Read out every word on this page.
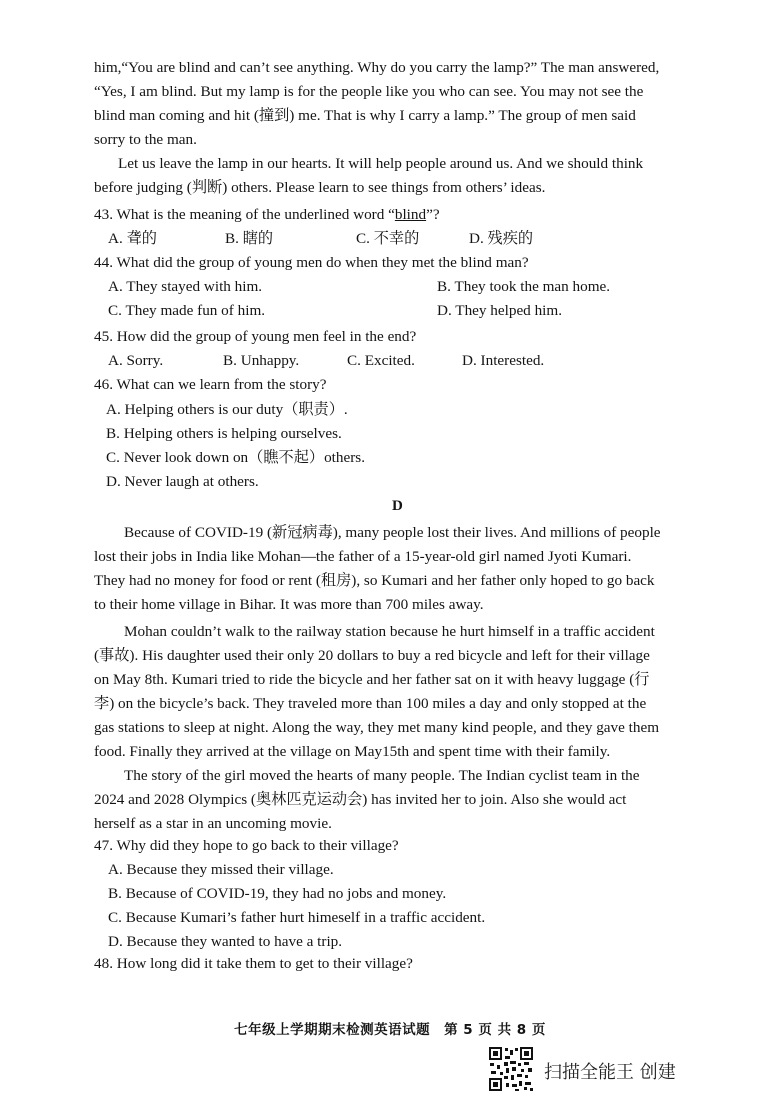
him,“You are blind and can’t see anything. Why do you carry the lamp?” The man answered,
“Yes, I am blind. But my lamp is for the people like you who can see. You may not see the
blind man coming and hit (撞到) me. That is why I carry a lamp.” The group of men said
sorry to the man.
Let us leave the lamp in our hearts. It will help people around us. And we should think
before judging (判断) others. Please learn to see things from others’ ideas.
43. What is the meaning of the underlined word “blind”?
A. 聋的	B. 瞎的	C. 不幸的	D. 残疾的
44. What did the group of young men do when they met the blind man?
A. They stayed with him.	B. They took the man home.
C. They made fun of him.	D. They helped him.
45. How did the group of young men feel in the end?
A. Sorry.	B. Unhappy.	C. Excited.	D. Interested.
46. What can we learn from the story?
A. Helping others is our duty（职责）.
B. Helping others is helping ourselves.
C. Never look down on（瞧不起）others.
D. Never laugh at others.
D
Because of COVID-19 (新冠病毒), many people lost their lives. And millions of people
lost their jobs in India like Mohan—the father of a 15-year-old girl named Jyoti Kumari.
They had no money for food or rent (租房), so Kumari and her father only hoped to go back
to their home village in Bihar. It was more than 700 miles away.
Mohan couldn’t walk to the railway station because he hurt himself in a traffic accident
(事故). His daughter used their only 20 dollars to buy a red bicycle and left for their village
on May 8th. Kumari tried to ride the bicycle and her father sat on it with heavy luggage (行
李) on the bicycle’s back. They traveled more than 100 miles a day and only stopped at the
gas stations to sleep at night. Along the way, they met many kind people, and they gave them
food. Finally they arrived at the village on May15th and spent time with their family.
The story of the girl moved the hearts of many people. The Indian cyclist team in the
2024 and 2028 Olympics (奥林匹克运动会) has invited her to join. Also she would act
herself as a star in an uncoming movie.
47. Why did they hope to go back to their village?
A. Because they missed their village.
B. Because of COVID-19, they had no jobs and money.
C. Because Kumari’s father hurt himeself in a traffic accident.
D. Because they wanted to have a trip.
48. How long did it take them to get to their village?
七年级上学期期末检测英语试题　第 5 页 共 8 页
扫描全能王 创建
